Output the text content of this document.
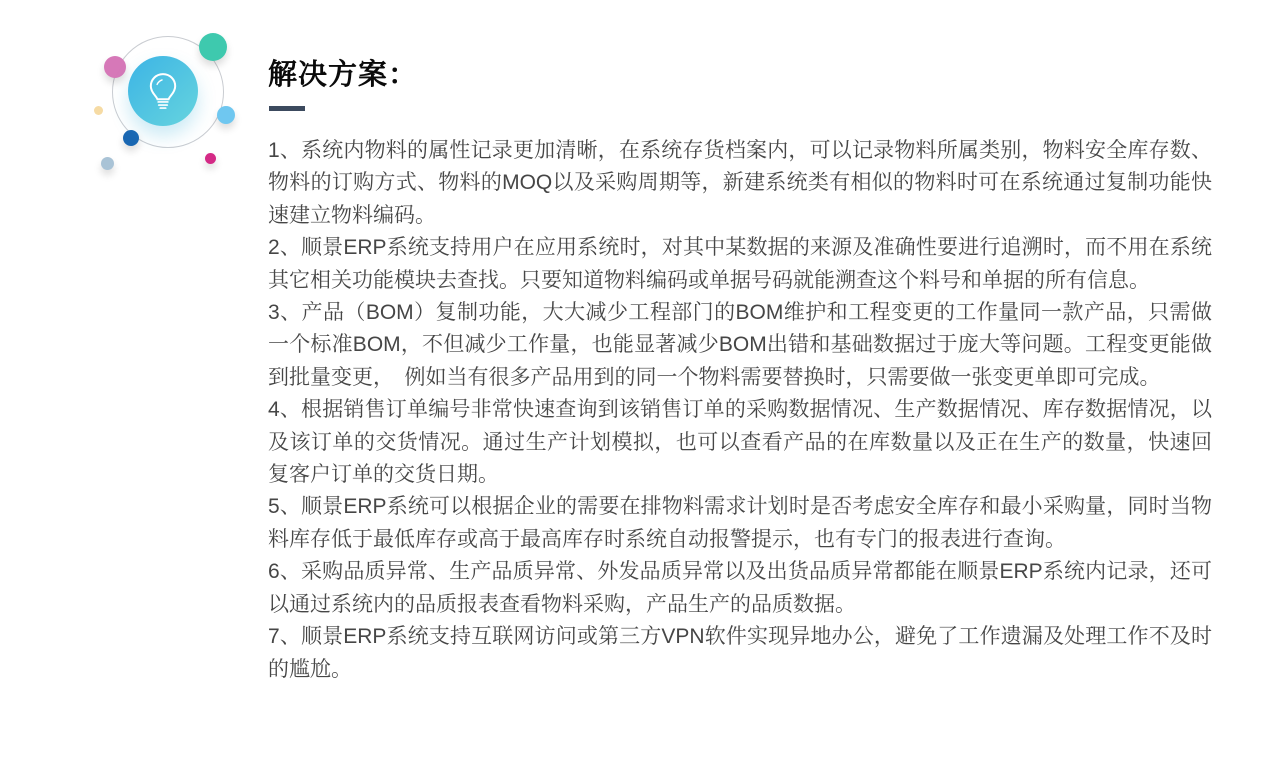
解决方案：

1、系统内物料的属性记录更加清晰，在系统存货档案内，可以记录物料所属类别，物料安全库存数、物料的订购方式、物料的MOQ以及采购周期等，新建系统类有相似的物料时可在系统通过复制功能快速建立物料编码。

2、顺景ERP系统支持用户在应用系统时，对其中某数据的来源及准确性要进行追溯时，而不用在系统其它相关功能模块去查找。只要知道物料编码或单据号码就能溯查这个料号和单据的所有信息。

3、产品（BOM）复制功能，大大减少工程部门的BOM维护和工程变更的工作量同一款产品，只需做一个标准BOM，不但减少工作量，也能显著减少BOM出错和基础数据过于庞大等问题。工程变更能做到批量变更，　例如当有很多产品用到的同一个物料需要替换时，只需要做一张变更单即可完成。

4、根据销售订单编号非常快速查询到该销售订单的采购数据情况、生产数据情况、库存数据情况，以及该订单的交货情况。通过生产计划模拟，也可以查看产品的在库数量以及正在生产的数量，快速回复客户订单的交货日期。

5、顺景ERP系统可以根据企业的需要在排物料需求计划时是否考虑安全库存和最小采购量，同时当物料库存低于最低库存或高于最高库存时系统自动报警提示，也有专门的报表进行查询。

6、采购品质异常、生产品质异常、外发品质异常以及出货品质异常都能在顺景ERP系统内记录，还可以通过系统内的品质报表查看物料采购，产品生产的品质数据。

7、顺景ERP系统支持互联网访问或第三方VPN软件实现异地办公，避免了工作遗漏及处理工作不及时的尴尬。
